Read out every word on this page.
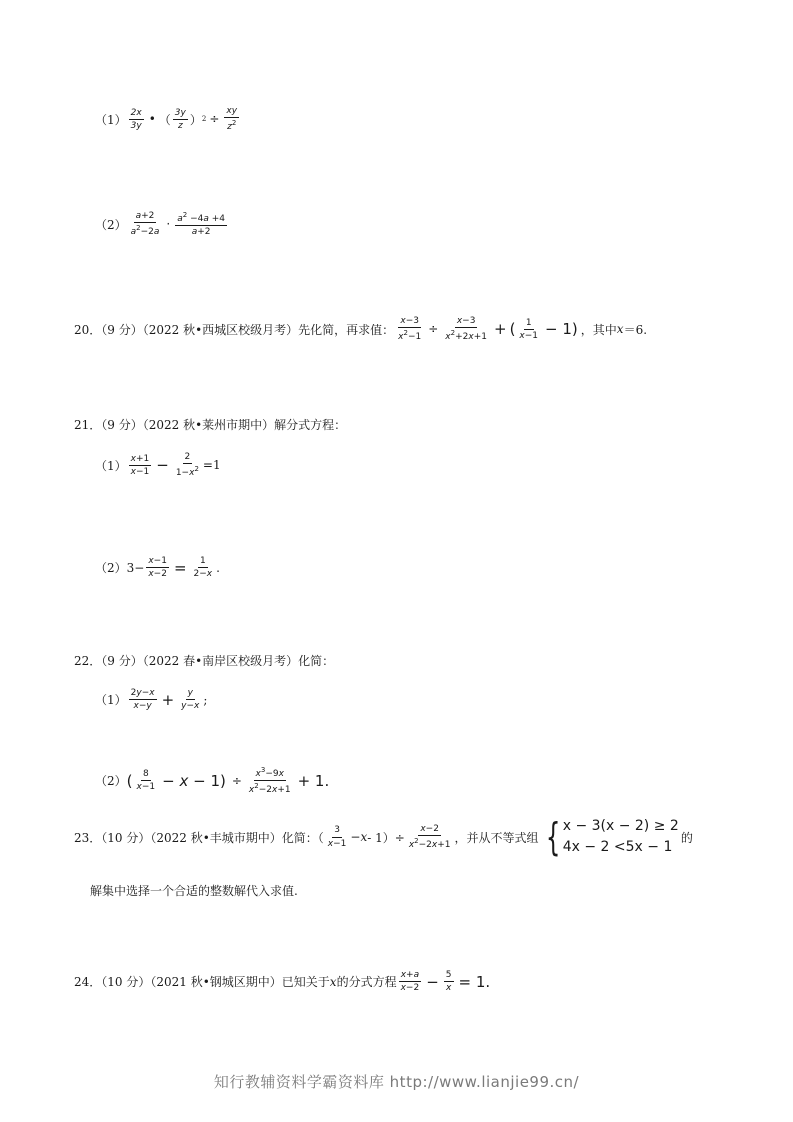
$(1) \frac{2x}{3y}$ • （ $\frac{3y}{z}$ ） $2 \div \frac{xy}{z^2}$
$(2) \frac{a+2}{a^2-2a} \cdot \frac{a^2 -4a +4}{a+2}$
20．（9 分）（2022 秋•西城区校级月考）先化简，再求值： $\frac{x-3}{x^2-1} \div \frac{x-3}{x^2+2x+1}$ + ( $\frac{1}{x-1} - 1$) ，其中 x ＝6.
21．（9 分）（2022 秋•莱州市期中）解分式方程：
$(1) \frac{x+1}{x-1} - \frac{2}{1-x^2} =1$
$(2)3- \frac{x-1}{x-2} = \frac{1}{2-x}$ .
22．（9 分）（2022 春•南岸区校级月考）化简：
$(1) \frac{2y-x}{x-y} + \frac{y}{y-x}$ ;
（2） ( $\frac{8}{x-1} - x - 1) \div \frac{x^3-9x}{x^2-2x+1} + 1$.
23．（10 分）（2022 秋•丰城市期中）化简：（ $\frac{3}{x-1} - x - 1)\div \frac{x-2}{x^2-2x+1}$ ，并从不等式组 { x − 3(x − 2) ≥ 2
4x − 2 <5x − 1
的
解集中选择一个合适的整数解代入求值.
24．（10 分）（2021 秋•钢城区期中）已知关于 x 的分式方程 $\frac{x+a}{x-2} - \frac{5}{x} = 1$.
知行教辅资料学霸资料库 http://www.lianjie99.cn/
